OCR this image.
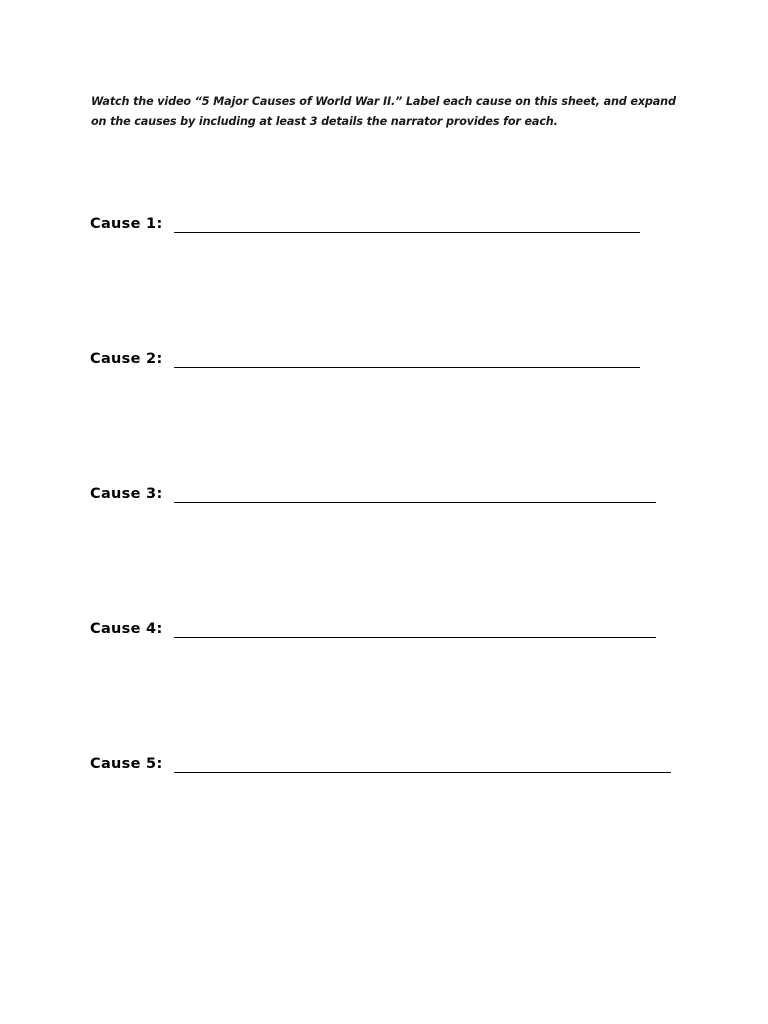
Watch the video “5 Major Causes of World War II.” Label each cause on this sheet, and expand on the causes by including at least 3 details the narrator provides for each.

Cause 1:
Cause 2:
Cause 3:
Cause 4:
Cause 5:
